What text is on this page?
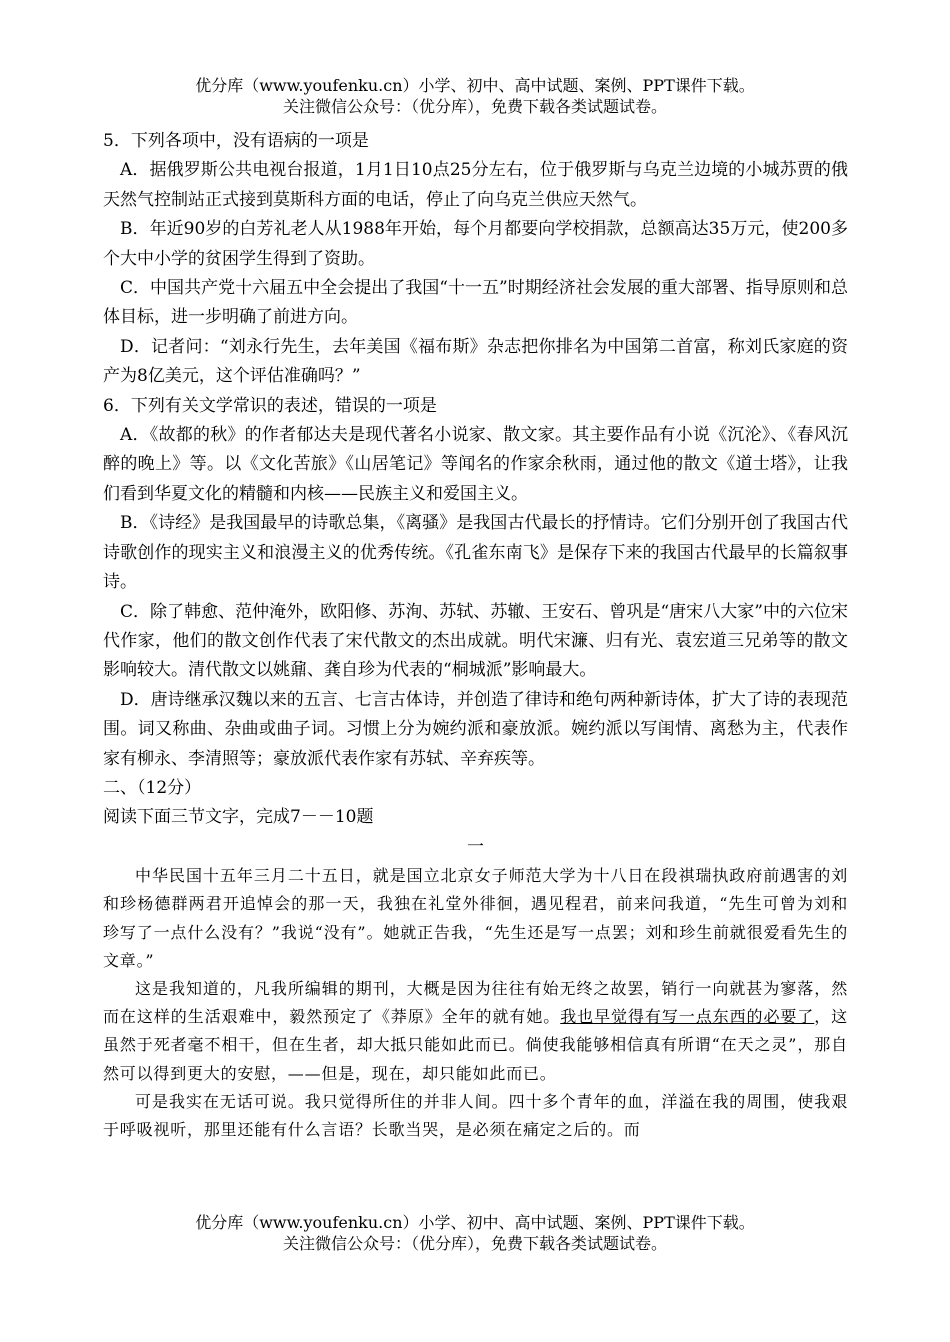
优分库（www.youfenku.cn）小学、初中、高中试题、案例、PPT课件下载。
关注微信公众号：（优分库），免费下载各类试题试卷。

5．下列各项中，没有语病的一项是

A．据俄罗斯公共电视台报道，1月1日10点25分左右，位于俄罗斯与乌克兰边境的小城苏贾的俄天然气控制站正式接到莫斯科方面的电话，停止了向乌克兰供应天然气。

B．年近90岁的白芳礼老人从1988年开始，每个月都要向学校捐款，总额高达35万元，使200多个大中小学的贫困学生得到了资助。

C．中国共产党十六届五中全会提出了我国“十一五”时期经济社会发展的重大部署、指导原则和总体目标，进一步明确了前进方向。

D．记者问：“刘永行先生，去年美国《福布斯》杂志把你排名为中国第二首富，称刘氏家庭的资产为8亿美元，这个评估准确吗？”

6．下列有关文学常识的表述，错误的一项是

A．《故都的秋》的作者郁达夫是现代著名小说家、散文家。其主要作品有小说《沉沦》、《春风沉醉的晚上》等。以《文化苦旅》《山居笔记》等闻名的作家余秋雨，通过他的散文《道士塔》，让我们看到华夏文化的精髓和内核——民族主义和爱国主义。

B．《诗经》是我国最早的诗歌总集，《离骚》是我国古代最长的抒情诗。它们分别开创了我国古代诗歌创作的现实主义和浪漫主义的优秀传统。《孔雀东南飞》是保存下来的我国古代最早的长篇叙事诗。

C．除了韩愈、范仲淹外，欧阳修、苏洵、苏轼、苏辙、王安石、曾巩是“唐宋八大家”中的六位宋代作家，他们的散文创作代表了宋代散文的杰出成就。明代宋濂、归有光、袁宏道三兄弟等的散文影响较大。清代散文以姚鼐、龚自珍为代表的“桐城派”影响最大。

D．唐诗继承汉魏以来的五言、七言古体诗，并创造了律诗和绝句两种新诗体，扩大了诗的表现范围。词又称曲、杂曲或曲子词。习惯上分为婉约派和豪放派。婉约派以写闺情、离愁为主，代表作家有柳永、李清照等；豪放派代表作家有苏轼、辛弃疾等。

二、（12分）

阅读下面三节文字，完成7－－10题

一

中华民国十五年三月二十五日，就是国立北京女子师范大学为十八日在段祺瑞执政府前遇害的刘和珍杨德群两君开追悼会的那一天，我独在礼堂外徘徊，遇见程君，前来问我道，“先生可曾为刘和珍写了一点什么没有？”我说“没有”。她就正告我，“先生还是写一点罢；刘和珍生前就很爱看先生的文章。”

这是我知道的，凡我所编辑的期刊，大概是因为往往有始无终之故罢，销行一向就甚为寥落，然而在这样的生活艰难中，毅然预定了《莽原》全年的就有她。我也早觉得有写一点东西的必要了，这虽然于死者毫不相干，但在生者，却大抵只能如此而已。倘使我能够相信真有所谓“在天之灵”，那自然可以得到更大的安慰，——但是，现在，却只能如此而已。

可是我实在无话可说。我只觉得所住的并非人间。四十多个青年的血，洋溢在我的周围，使我艰于呼吸视听，那里还能有什么言语？长歌当哭，是必须在痛定之后的。而

优分库（www.youfenku.cn）小学、初中、高中试题、案例、PPT课件下载。
关注微信公众号：（优分库），免费下载各类试题试卷。
